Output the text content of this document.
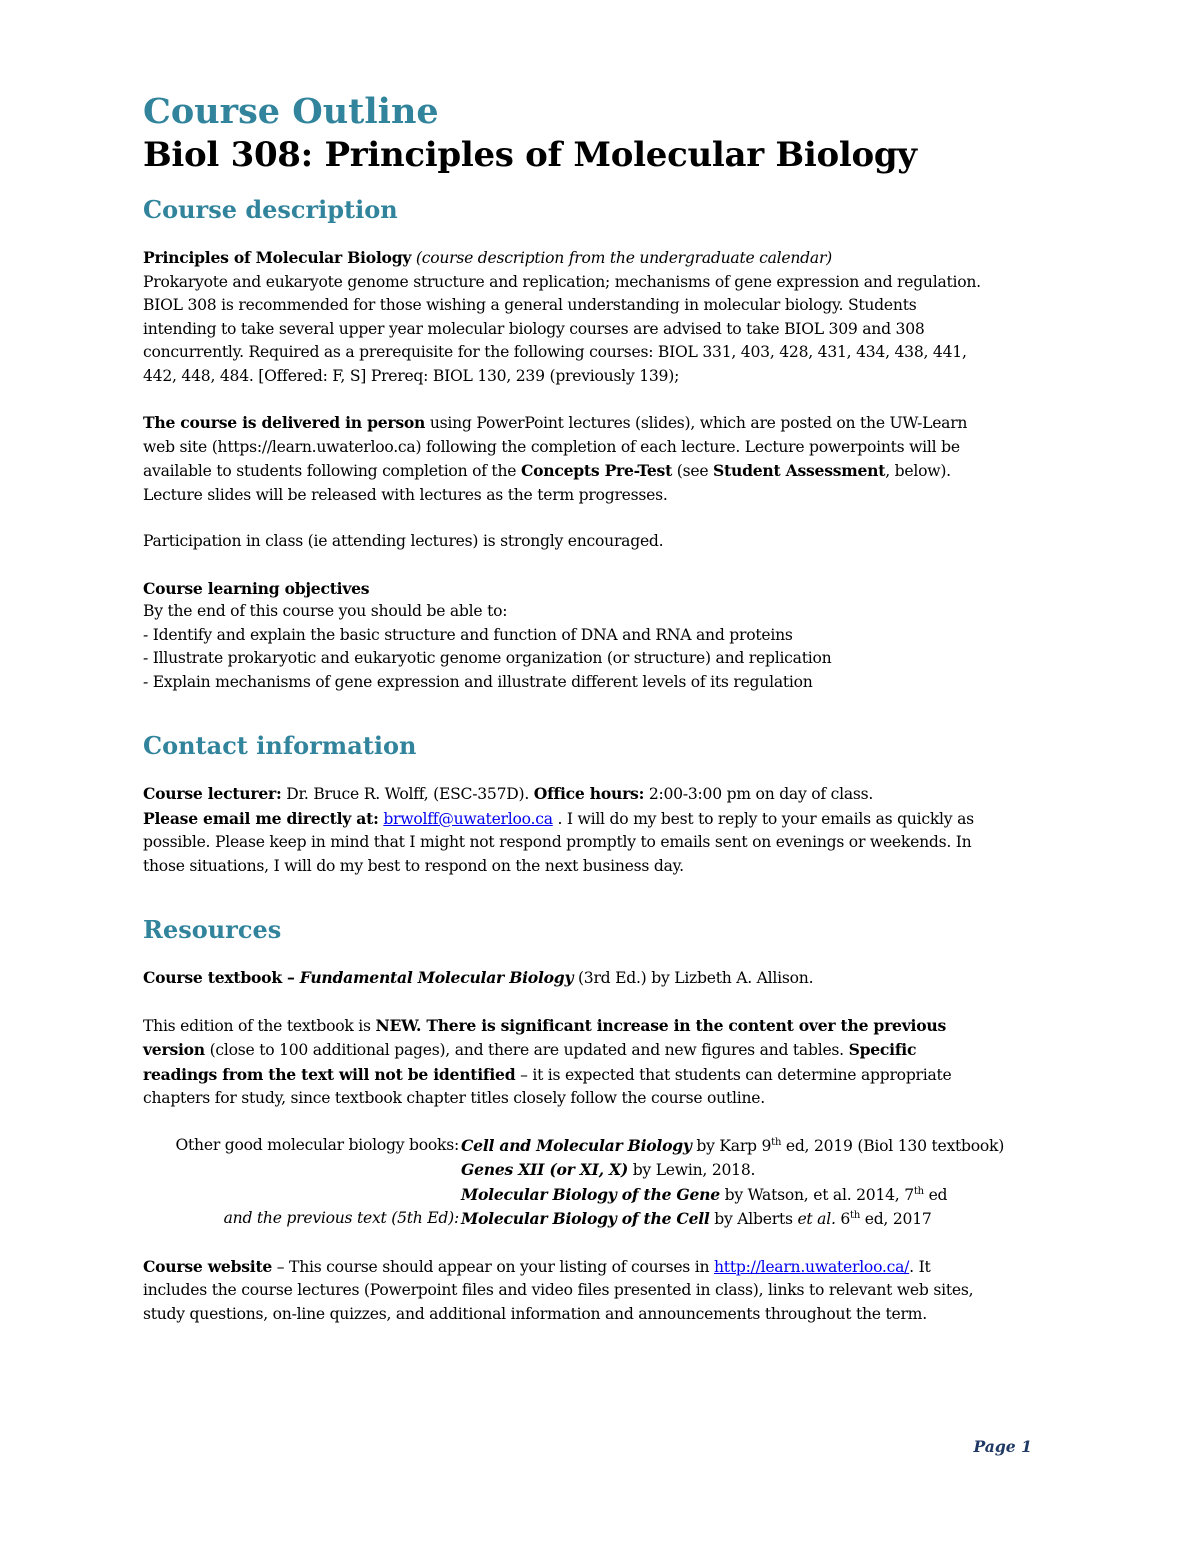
Course Outline
Biol 308: Principles of Molecular Biology
Course description

Principles of Molecular Biology (course description from the undergraduate calendar)
Prokaryote and eukaryote genome structure and replication; mechanisms of gene expression and regulation.
BIOL 308 is recommended for those wishing a general understanding in molecular biology. Students
intending to take several upper year molecular biology courses are advised to take BIOL 309 and 308
concurrently. Required as a prerequisite for the following courses: BIOL 331, 403, 428, 431, 434, 438, 441,
442, 448, 484. [Offered: F, S] Prereq: BIOL 130, 239 (previously 139);

The course is delivered in person using PowerPoint lectures (slides), which are posted on the UW-Learn
web site (https://learn.uwaterloo.ca) following the completion of each lecture. Lecture powerpoints will be
available to students following completion of the Concepts Pre-Test (see Student Assessment, below).
Lecture slides will be released with lectures as the term progresses.

Participation in class (ie attending lectures) is strongly encouraged.

Course learning objectives
By the end of this course you should be able to:
- Identify and explain the basic structure and function of DNA and RNA and proteins
- Illustrate prokaryotic and eukaryotic genome organization (or structure) and replication
- Explain mechanisms of gene expression and illustrate different levels of its regulation

Contact information

Course lecturer: Dr. Bruce R. Wolff, (ESC-357D). Office hours: 2:00-3:00 pm on day of class.
Please email me directly at: brwolff@uwaterloo.ca . I will do my best to reply to your emails as quickly as
possible. Please keep in mind that I might not respond promptly to emails sent on evenings or weekends. In
those situations, I will do my best to respond on the next business day.

Resources

Course textbook – Fundamental Molecular Biology (3rd Ed.) by Lizbeth A. Allison.

This edition of the textbook is NEW. There is significant increase in the content over the previous
version (close to 100 additional pages), and there are updated and new figures and tables. Specific
readings from the text will not be identified – it is expected that students can determine appropriate
chapters for study, since textbook chapter titles closely follow the course outline.

Other good molecular biology books: Cell and Molecular Biology by Karp 9th ed, 2019 (Biol 130 textbook)
Genes XII (or XI, X) by Lewin, 2018.
Molecular Biology of the Gene by Watson, et al. 2014, 7th ed
and the previous text (5th Ed): Molecular Biology of the Cell by Alberts et al. 6th ed, 2017

Course website – This course should appear on your listing of courses in http://learn.uwaterloo.ca/. It
includes the course lectures (Powerpoint files and video files presented in class), links to relevant web sites,
study questions, on-line quizzes, and additional information and announcements throughout the term.

Page 1
